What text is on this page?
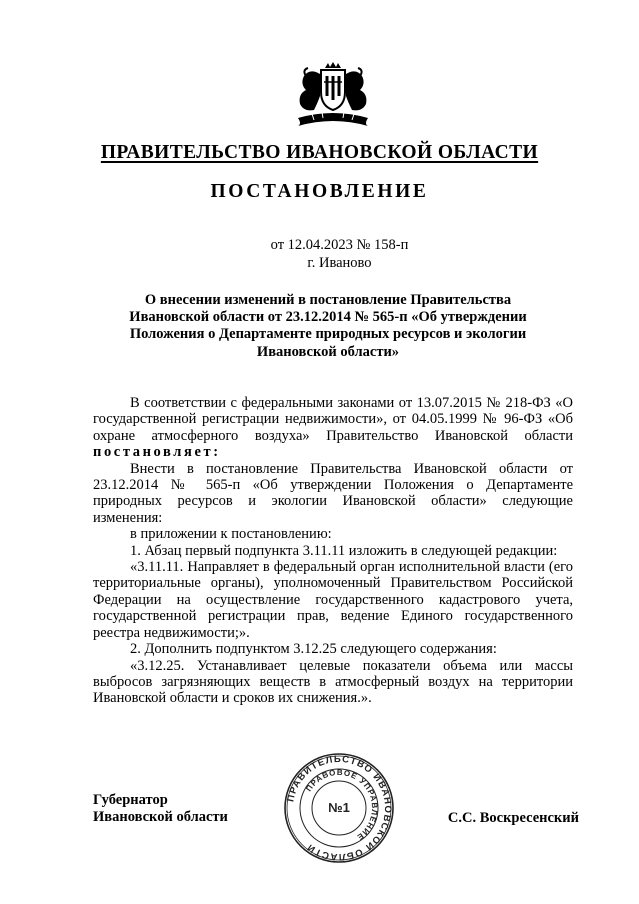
ПРАВИТЕЛЬСТВО ИВАНОВСКОЙ ОБЛАСТИ
ПОСТАНОВЛЕНИЕ
от 12.04.2023 № 158-п
г. Иваново
О внесении изменений в постановление Правительства
Ивановской области от 23.12.2014 № 565-п «Об утверждении
Положения о Департаменте природных ресурсов и экологии
Ивановской области»

В соответствии с федеральными законами от 13.07.2015 № 218-ФЗ «О государственной регистрации недвижимости», от 04.05.1999 № 96-ФЗ «Об охране атмосферного воздуха» Правительство Ивановской области постановляет:

Внести в постановление Правительства Ивановской области от 23.12.2014 № 565-п «Об утверждении Положения о Департаменте природных ресурсов и экологии Ивановской области» следующие изменения:

в приложении к постановлению:

1. Абзац первый подпункта 3.11.11 изложить в следующей редакции:

«3.11.11. Направляет в федеральный орган исполнительной власти (его территориальные органы), уполномоченный Правительством Российской Федерации на осуществление государственного кадастрового учета, государственной регистрации прав, ведение Единого государственного реестра недвижимости;».

2. Дополнить подпунктом 3.12.25 следующего содержания:

«3.12.25. Устанавливает целевые показатели объема или массы выбросов загрязняющих веществ в атмосферный воздух на территории Ивановской области и сроков их снижения.».

Губернатор
Ивановской области	С.С. Воскресенский
ПРАВИТЕЛЬСТВО ИВАНОВСКОЙ ОБЛАСТИ
ПРАВОВОЕ УПРАВЛЕНИЕ
№1
